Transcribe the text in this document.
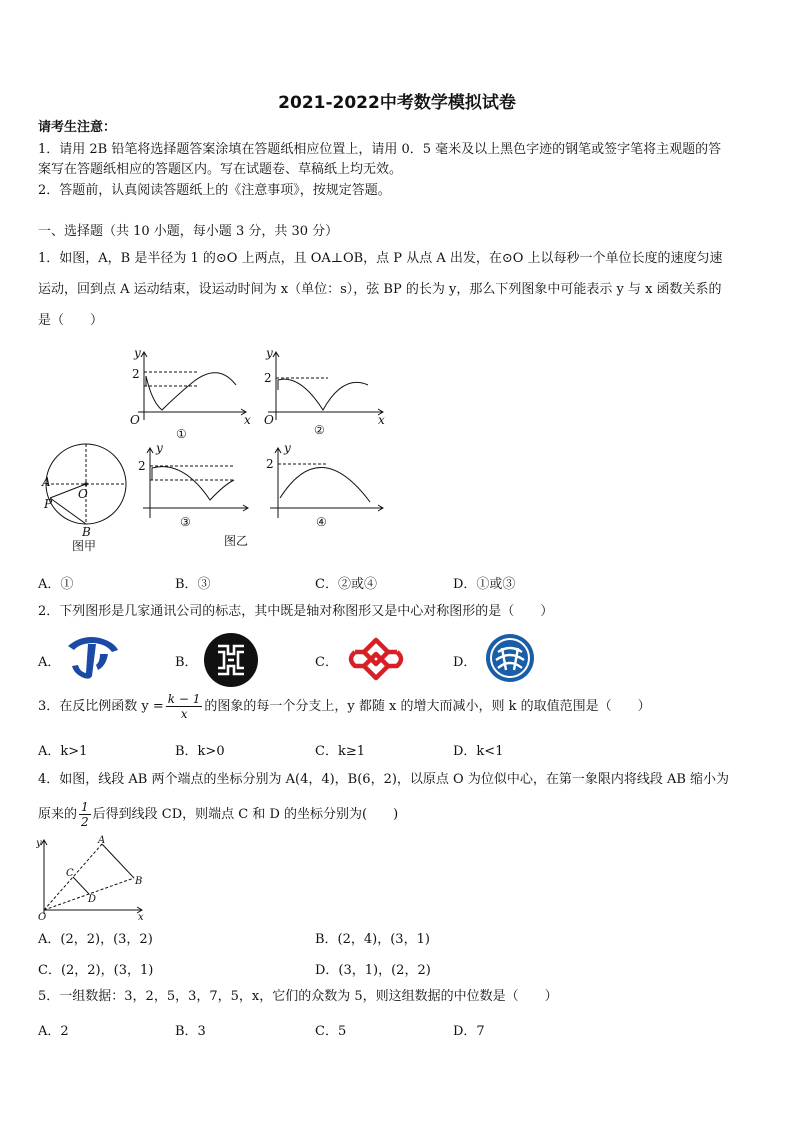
2021-2022中考数学模拟试卷
请考生注意：
1．请用 2B 铅笔将选择题答案涂填在答题纸相应位置上，请用 0．5 毫米及以上黑色字迹的钢笔或签字笔将主观题的答
案写在答题纸相应的答题区内。写在试题卷、草稿纸上均无效。
2．答题前，认真阅读答题纸上的《注意事项》，按规定答题。
一、选择题（共 10 小题，每小题 3 分，共 30 分）
1．如图，A，B 是半径为 1 的⊙O 上两点，且 OA⊥OB，点 P 从点 A 出发，在⊙O 上以每秒一个单位长度的速度匀速
运动，回到点 A 运动结束，设运动时间为 x（单位：s），弦 BP 的长为 y，那么下列图象中可能表示 y 与 x 函数关系的
是（　　）
y
2
O	x
y
2
O	x
y
2
y
2
A
P
O
B
①	②
③	④
图甲	图乙
A．①	B．③	C．②或④	D．①或③
2．下列图形是几家通讯公司的标志，其中既是轴对称图形又是中心对称图形的是（　　）
A．	B．	C．	D．
3．在反比例函数 $y = \frac{k - 1}{x}$ 的图象的每一个分支上，y 都随 x 的增大而减小，则 k 的取值范围是（　　）
A．k>1	B．k>0	C．k≥1	D．k<1
4．如图，线段 AB 两个端点的坐标分别为 A(4，4)，B(6，2)，以原点 O 为位似中心，在第一象限内将线段 AB 缩小为
原来的 $\frac{1}{2}$ 后得到线段 CD，则端点 C 和 D 的坐标分别为(　　)
y
x
O
A
B
C
D
A．(2，2)，(3，2)	B．(2，4)，(3，1)
C．(2，2)，(3，1)	D．(3，1)，(2，2)
5．一组数据：3，2，5，3，7，5，x，它们的众数为 5，则这组数据的中位数是（　　）
A．2	B．3	C．5	D．7
